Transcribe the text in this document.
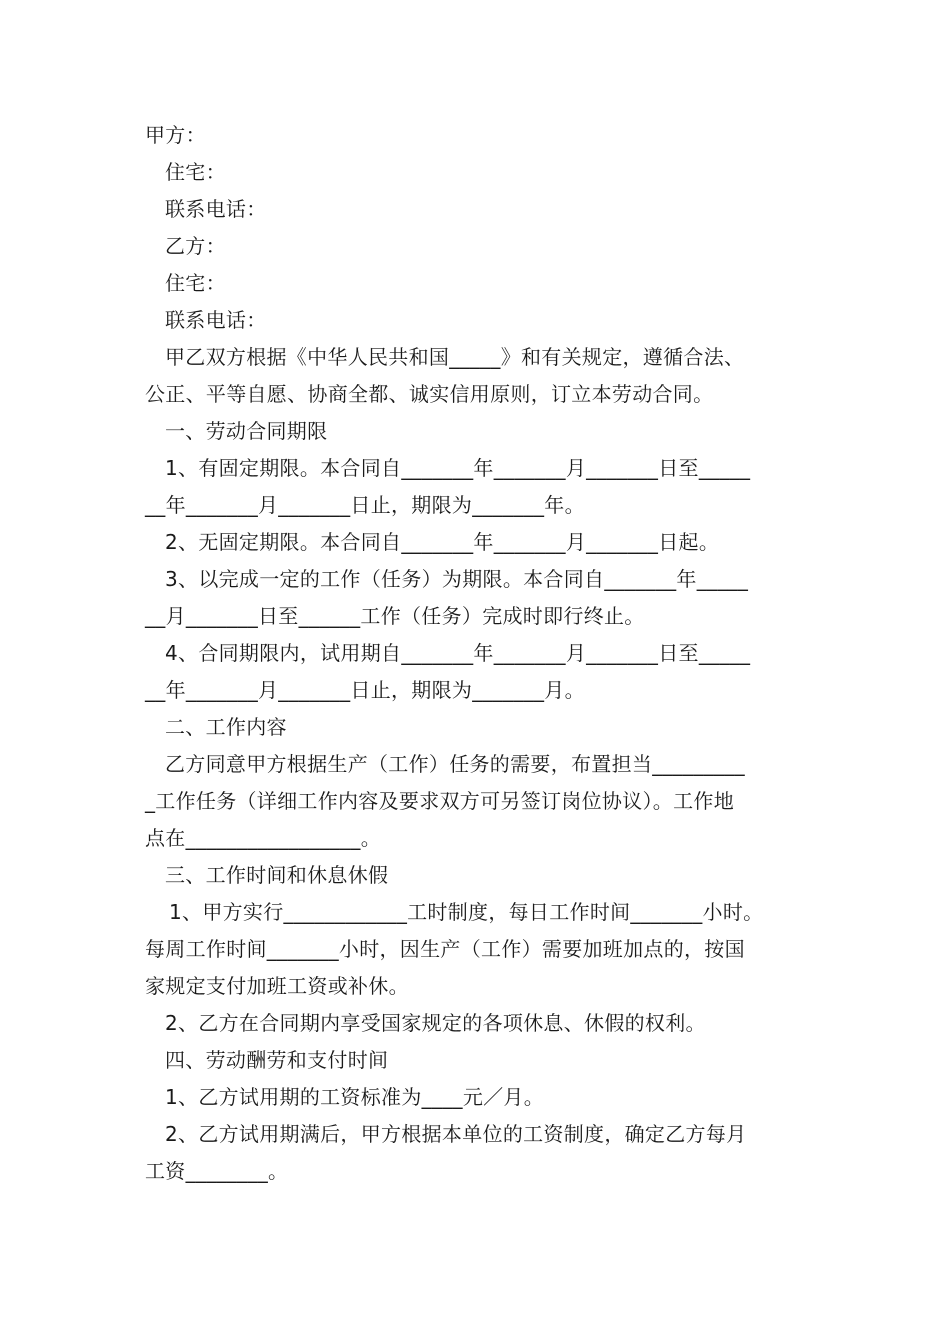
甲方：

住宅：

联系电话：

乙方：

住宅：

联系电话：

甲乙双方根据《中华人民共和国_____》和有关规定，遵循合法、

公正、平等自愿、协商全都、诚实信用原则，订立本劳动合同。

一、劳动合同期限

1、有固定期限。本合同自_______年_______月_______日至_____

__年_______月_______日止，期限为_______年。

2、无固定期限。本合同自_______年_______月_______日起。

3、以完成一定的工作（任务）为期限。本合同自_______年_____

__月_______日至______工作（任务）完成时即行终止。

4、合同期限内，试用期自_______年_______月_______日至_____

__年_______月_______日止，期限为_______月。

二、工作内容

乙方同意甲方根据生产（工作）任务的需要，布置担当_________

_工作任务（详细工作内容及要求双方可另签订岗位协议）。工作地

点在_________________。

三、工作时间和休息休假

1、甲方实行____________工时制度，每日工作时间_______小时。

每周工作时间_______小时，因生产（工作）需要加班加点的，按国

家规定支付加班工资或补休。

2、乙方在合同期内享受国家规定的各项休息、休假的权利。

四、劳动酬劳和支付时间

1、乙方试用期的工资标准为____元／月。

2、乙方试用期满后，甲方根据本单位的工资制度，确定乙方每月

工资________。
